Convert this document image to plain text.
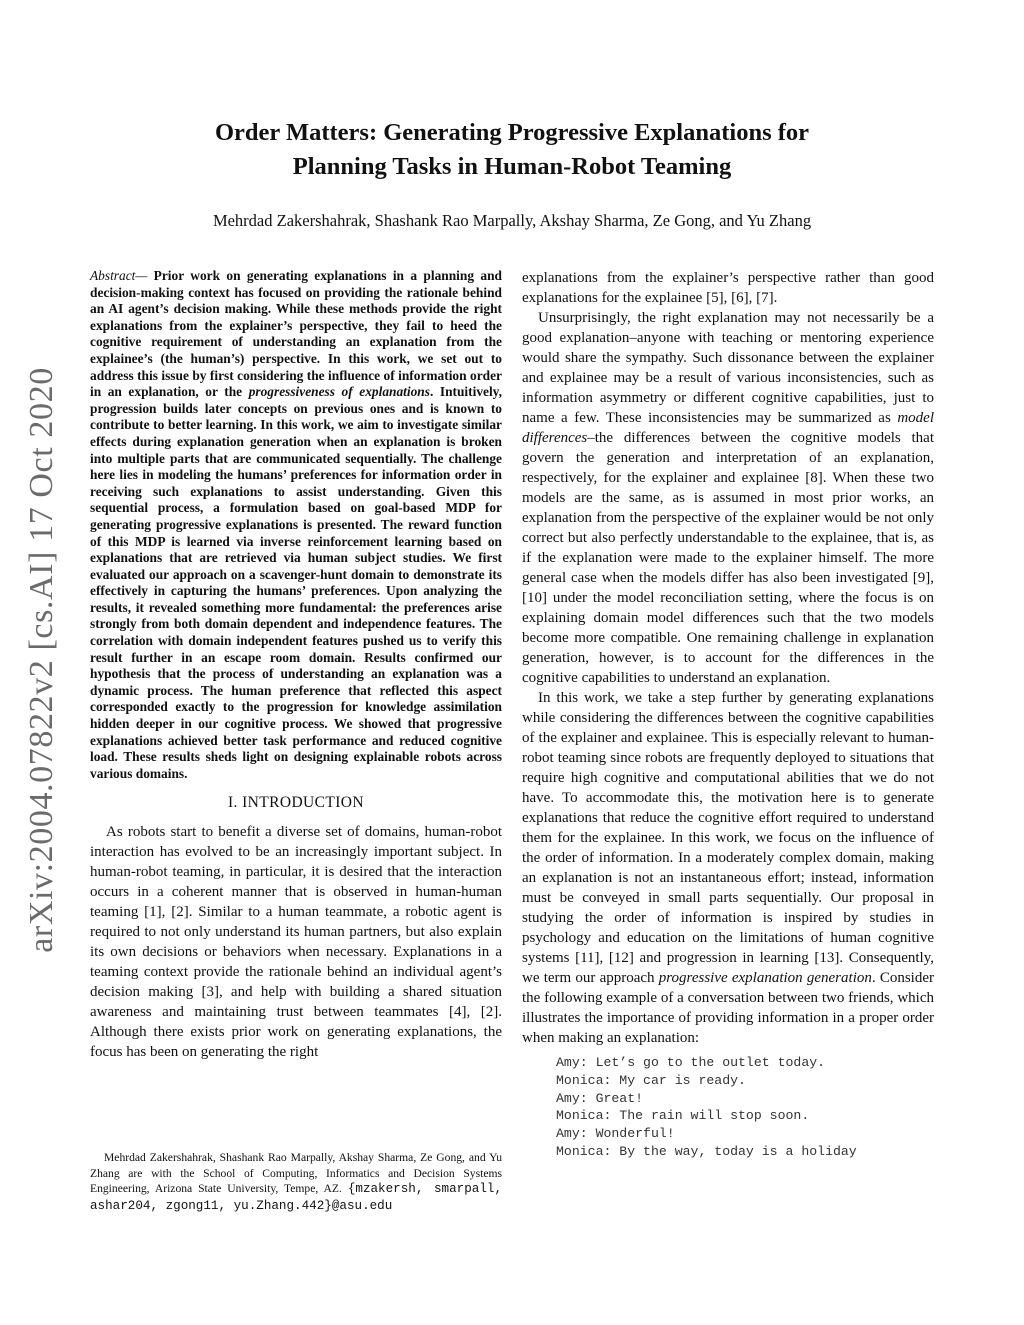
arXiv:2004.07822v2 [cs.AI] 17 Oct 2020
Order Matters: Generating Progressive Explanations for
Planning Tasks in Human-Robot Teaming
Mehrdad Zakershahrak, Shashank Rao Marpally, Akshay Sharma, Ze Gong, and Yu Zhang

Abstract— Prior work on generating explanations in a planning and decision-making context has focused on providing the rationale behind an AI agent’s decision making. While these methods provide the right explanations from the explainer’s perspective, they fail to heed the cognitive requirement of understanding an explanation from the explainee’s (the human’s) perspective. In this work, we set out to address this issue by first considering the influence of information order in an explanation, or the progressiveness of explanations. Intuitively, progression builds later concepts on previous ones and is known to contribute to better learning. In this work, we aim to investigate similar effects during explanation generation when an explanation is broken into multiple parts that are communicated sequentially. The challenge here lies in modeling the humans’ preferences for information order in receiving such explanations to assist understanding. Given this sequential process, a formulation based on goal-based MDP for generating progressive explanations is presented. The reward function of this MDP is learned via inverse reinforcement learning based on explanations that are retrieved via human subject studies. We first evaluated our approach on a scavenger-hunt domain to demonstrate its effectively in capturing the humans’ preferences. Upon analyzing the results, it revealed something more fundamental: the preferences arise strongly from both domain dependent and independence features. The correlation with domain independent features pushed us to verify this result further in an escape room domain. Results confirmed our hypothesis that the process of understanding an explanation was a dynamic process. The human preference that reflected this aspect corresponded exactly to the progression for knowledge assimilation hidden deeper in our cognitive process. We showed that progressive explanations achieved better task performance and reduced cognitive load. These results sheds light on designing explainable robots across various domains.

I. INTRODUCTION

As robots start to benefit a diverse set of domains, human-robot interaction has evolved to be an increasingly important subject. In human-robot teaming, in particular, it is desired that the interaction occurs in a coherent manner that is observed in human-human teaming [1], [2]. Similar to a human teammate, a robotic agent is required to not only understand its human partners, but also explain its own decisions or behaviors when necessary. Explanations in a teaming context provide the rationale behind an individual agent’s decision making [3], and help with building a shared situation awareness and maintaining trust between teammates [4], [2]. Although there exists prior work on generating explanations, the focus has been on generating the right

Mehrdad Zakershahrak, Shashank Rao Marpally, Akshay Sharma, Ze Gong, and Yu Zhang are with the School of Computing, Informatics and Decision Systems Engineering, Arizona State University, Tempe, AZ. {mzakersh, smarpall, ashar204, zgong11, yu.Zhang.442}@asu.edu

explanations from the explainer’s perspective rather than good explanations for the explainee [5], [6], [7].

Unsurprisingly, the right explanation may not necessarily be a good explanation–anyone with teaching or mentoring experience would share the sympathy. Such dissonance between the explainer and explainee may be a result of various inconsistencies, such as information asymmetry or different cognitive capabilities, just to name a few. These inconsistencies may be summarized as model differences–the differences between the cognitive models that govern the generation and interpretation of an explanation, respectively, for the explainer and explainee [8]. When these two models are the same, as is assumed in most prior works, an explanation from the perspective of the explainer would be not only correct but also perfectly understandable to the explainee, that is, as if the explanation were made to the explainer himself. The more general case when the models differ has also been investigated [9], [10] under the model reconciliation setting, where the focus is on explaining domain model differences such that the two models become more compatible. One remaining challenge in explanation generation, however, is to account for the differences in the cognitive capabilities to understand an explanation.

In this work, we take a step further by generating explanations while considering the differences between the cognitive capabilities of the explainer and explainee. This is especially relevant to human-robot teaming since robots are frequently deployed to situations that require high cognitive and computational abilities that we do not have. To accommodate this, the motivation here is to generate explanations that reduce the cognitive effort required to understand them for the explainee. In this work, we focus on the influence of the order of information. In a moderately complex domain, making an explanation is not an instantaneous effort; instead, information must be conveyed in small parts sequentially. Our proposal in studying the order of information is inspired by studies in psychology and education on the limitations of human cognitive systems [11], [12] and progression in learning [13]. Consequently, we term our approach progressive explanation generation. Consider the following example of a conversation between two friends, which illustrates the importance of providing information in a proper order when making an explanation:

Amy: Let’s go to the outlet today.
Monica: My car is ready.
Amy: Great!
Monica: The rain will stop soon.
Amy: Wonderful!
Monica: By the way, today is a holiday
